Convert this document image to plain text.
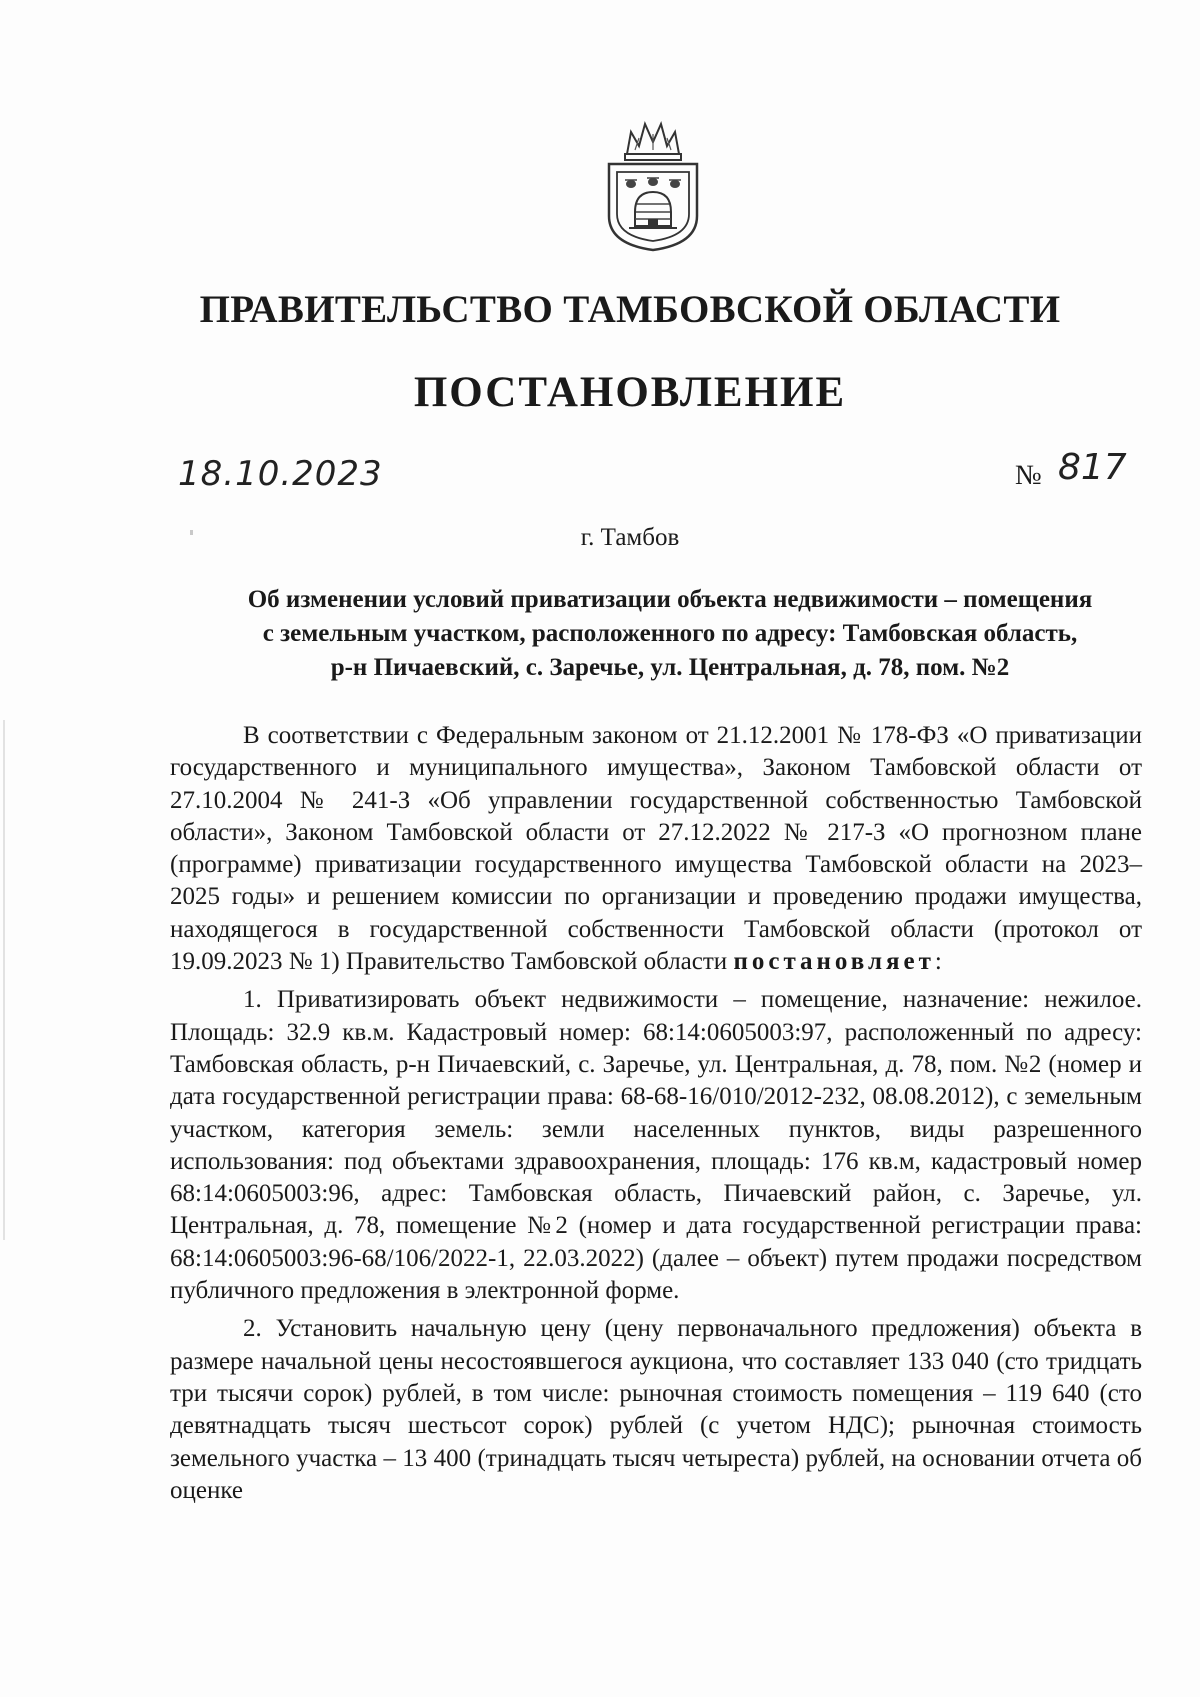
ПРАВИТЕЛЬСТВО ТАМБОВСКОЙ ОБЛАСТИ
ПОСТАНОВЛЕНИЕ
18.10.2023	№ 817
г. Тамбов
Об изменении условий приватизации объекта недвижимости – помещения
с земельным участком, расположенного по адресу: Тамбовская область,
р-н Пичаевский, с. Заречье, ул. Центральная, д. 78, пом. №2

В соответствии с Федеральным законом от 21.12.2001 № 178-ФЗ «О приватизации государственного и муниципального имущества», Законом Тамбовской области от 27.10.2004 № 241-З «Об управлении государственной собственностью Тамбовской области», Законом Тамбовской области от 27.12.2022 № 217-З «О прогнозном плане (программе) приватизации государственного имущества Тамбовской области на 2023–2025 годы» и решением комиссии по организации и проведению продажи имущества, находящегося в государственной собственности Тамбовской области (протокол от 19.09.2023 № 1) Правительство Тамбовской области постановляет:

1. Приватизировать объект недвижимости – помещение, назначение: нежилое. Площадь: 32.9 кв.м. Кадастровый номер: 68:14:0605003:97, расположенный по адресу: Тамбовская область, р-н Пичаевский, с. Заречье, ул. Центральная, д. 78, пом. №2 (номер и дата государственной регистрации права: 68-68-16/010/2012-232, 08.08.2012), с земельным участком, категория земель: земли населенных пунктов, виды разрешенного использования: под объектами здравоохранения, площадь: 176 кв.м, кадастровый номер 68:14:0605003:96, адрес: Тамбовская область, Пичаевский район, с. Заречье, ул. Центральная, д. 78, помещение №2 (номер и дата государственной регистрации права: 68:14:0605003:96-68/106/2022-1, 22.03.2022) (далее – объект) путем продажи посредством публичного предложения в электронной форме.

2. Установить начальную цену (цену первоначального предложения) объекта в размере начальной цены несостоявшегося аукциона, что составляет 133 040 (сто тридцать три тысячи сорок) рублей, в том числе: рыночная стоимость помещения – 119 640 (сто девятнадцать тысяч шестьсот сорок) рублей (с учетом НДС); рыночная стоимость земельного участка – 13 400 (тринадцать тысяч четыреста) рублей, на основании отчета об оценке
